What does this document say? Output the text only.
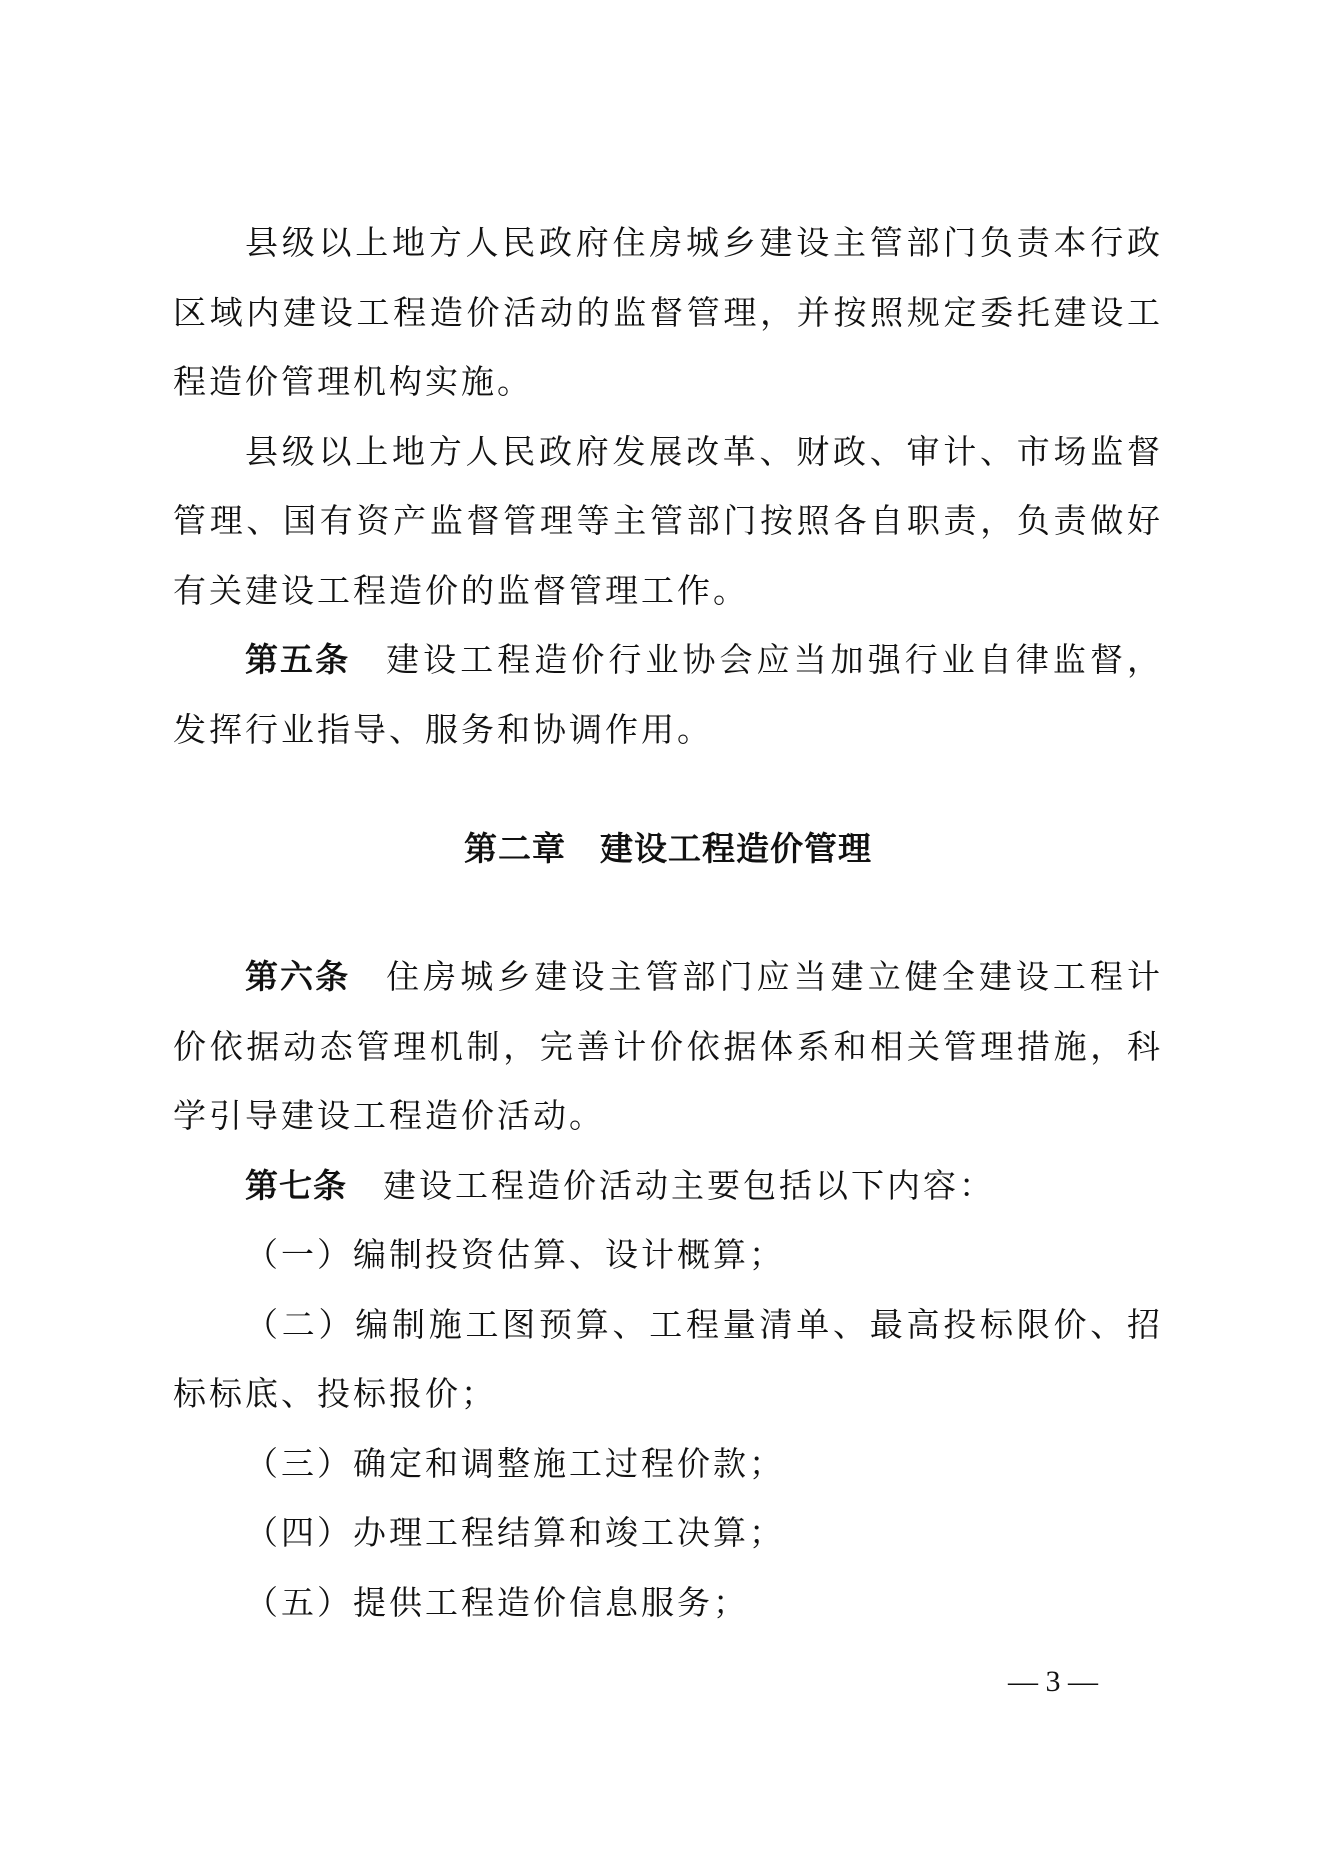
县级以上地方人民政府住房城乡建设主管部门负责本行政区域内建设工程造价活动的监督管理，并按照规定委托建设工程造价管理机构实施。

县级以上地方人民政府发展改革、财政、审计、市场监督管理、国有资产监督管理等主管部门按照各自职责，负责做好有关建设工程造价的监督管理工作。

第五条 建设工程造价行业协会应当加强行业自律监督，发挥行业指导、服务和协调作用。

第二章　建设工程造价管理

第六条 住房城乡建设主管部门应当建立健全建设工程计价依据动态管理机制，完善计价依据体系和相关管理措施，科学引导建设工程造价活动。

第七条 建设工程造价活动主要包括以下内容：

（一）编制投资估算、设计概算；

（二）编制施工图预算、工程量清单、最高投标限价、招标标底、投标报价；

（三）确定和调整施工过程价款；

（四）办理工程结算和竣工决算；

（五）提供工程造价信息服务；

— 3 —
